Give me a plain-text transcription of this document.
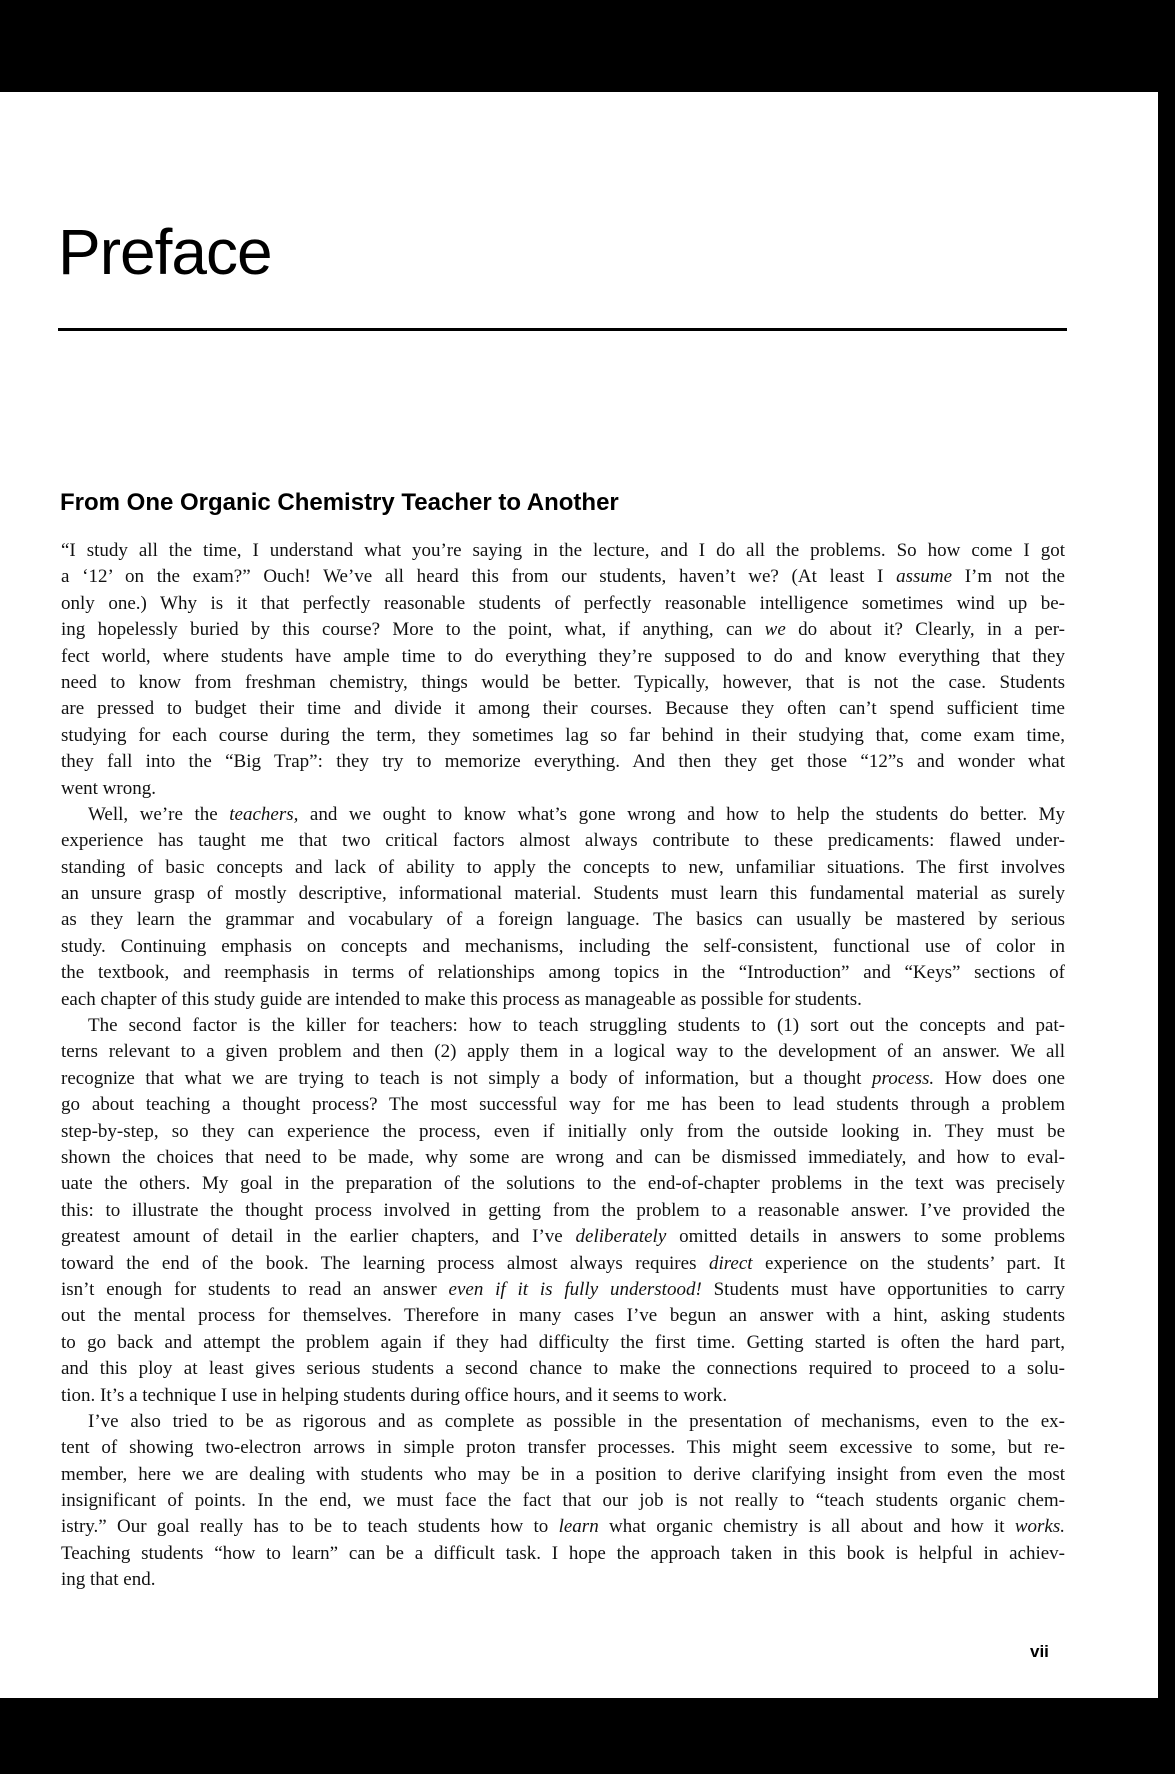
Preface
From One Organic Chemistry Teacher to Another
“I study all the time, I understand what you’re saying in the lecture, and I do all the problems. So how come I got
a ‘12’ on the exam?” Ouch! We’ve all heard this from our students, haven’t we? (At least I assume I’m not the
only one.) Why is it that perfectly reasonable students of perfectly reasonable intelligence sometimes wind up be-
ing hopelessly buried by this course? More to the point, what, if anything, can we do about it? Clearly, in a per-
fect world, where students have ample time to do everything they’re supposed to do and know everything that they
need to know from freshman chemistry, things would be better. Typically, however, that is not the case. Students
are pressed to budget their time and divide it among their courses. Because they often can’t spend sufficient time
studying for each course during the term, they sometimes lag so far behind in their studying that, come exam time,
they fall into the “Big Trap”: they try to memorize everything. And then they get those “12”s and wonder what
went wrong.
Well, we’re the teachers, and we ought to know what’s gone wrong and how to help the students do better. My
experience has taught me that two critical factors almost always contribute to these predicaments: flawed under-
standing of basic concepts and lack of ability to apply the concepts to new, unfamiliar situations. The first involves
an unsure grasp of mostly descriptive, informational material. Students must learn this fundamental material as surely
as they learn the grammar and vocabulary of a foreign language. The basics can usually be mastered by serious
study. Continuing emphasis on concepts and mechanisms, including the self-consistent, functional use of color in
the textbook, and reemphasis in terms of relationships among topics in the “Introduction” and “Keys” sections of
each chapter of this study guide are intended to make this process as manageable as possible for students.
The second factor is the killer for teachers: how to teach struggling students to (1) sort out the concepts and pat-
terns relevant to a given problem and then (2) apply them in a logical way to the development of an answer. We all
recognize that what we are trying to teach is not simply a body of information, but a thought process. How does one
go about teaching a thought process? The most successful way for me has been to lead students through a problem
step-by-step, so they can experience the process, even if initially only from the outside looking in. They must be
shown the choices that need to be made, why some are wrong and can be dismissed immediately, and how to eval-
uate the others. My goal in the preparation of the solutions to the end-of-chapter problems in the text was precisely
this: to illustrate the thought process involved in getting from the problem to a reasonable answer. I’ve provided the
greatest amount of detail in the earlier chapters, and I’ve deliberately omitted details in answers to some problems
toward the end of the book. The learning process almost always requires direct experience on the students’ part. It
isn’t enough for students to read an answer even if it is fully understood! Students must have opportunities to carry
out the mental process for themselves. Therefore in many cases I’ve begun an answer with a hint, asking students
to go back and attempt the problem again if they had difficulty the first time. Getting started is often the hard part,
and this ploy at least gives serious students a second chance to make the connections required to proceed to a solu-
tion. It’s a technique I use in helping students during office hours, and it seems to work.
I’ve also tried to be as rigorous and as complete as possible in the presentation of mechanisms, even to the ex-
tent of showing two-electron arrows in simple proton transfer processes. This might seem excessive to some, but re-
member, here we are dealing with students who may be in a position to derive clarifying insight from even the most
insignificant of points. In the end, we must face the fact that our job is not really to “teach students organic chem-
istry.” Our goal really has to be to teach students how to learn what organic chemistry is all about and how it works.
Teaching students “how to learn” can be a difficult task. I hope the approach taken in this book is helpful in achiev-
ing that end.
vii
